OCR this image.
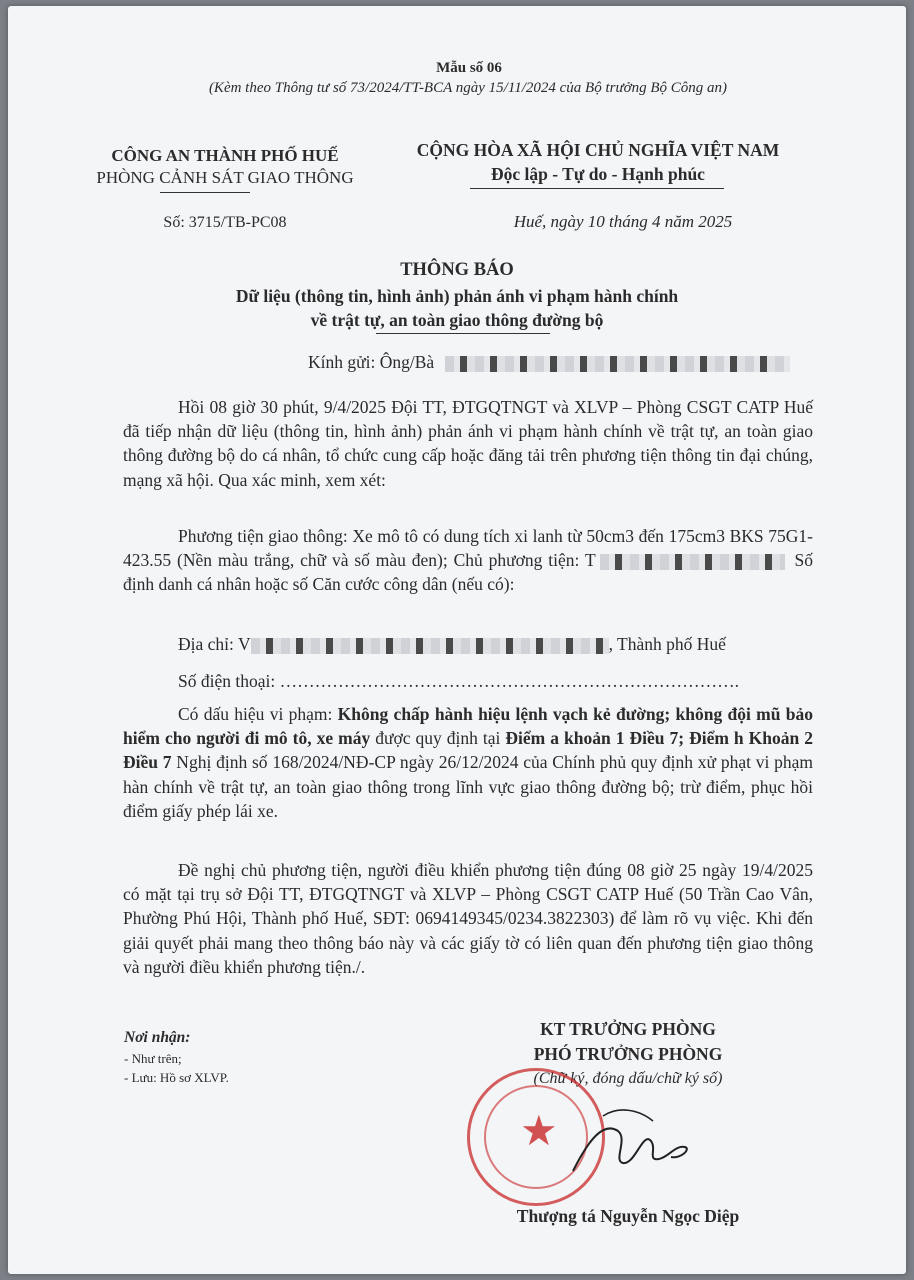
Mẫu số 06
(Kèm theo Thông tư số 73/2024/TT-BCA ngày 15/11/2024 của Bộ trưởng Bộ Công an)
CÔNG AN THÀNH PHỐ HUẾ
PHÒNG CẢNH SÁT GIAO THÔNG
Số: 3715/TB-PC08
CỘNG HÒA XÃ HỘI CHỦ NGHĨA VIỆT NAM
Độc lập - Tự do - Hạnh phúc
Huế, ngày 10 tháng 4 năm 2025
THÔNG BÁO
Dữ liệu (thông tin, hình ảnh) phản ánh vi phạm hành chính
về trật tự, an toàn giao thông đường bộ
Kính gửi: Ông/Bà

Hồi 08 giờ 30 phút, 9/4/2025 Đội TT, ĐTGQTNGT và XLVP – Phòng CSGT CATP Huế đã tiếp nhận dữ liệu (thông tin, hình ảnh) phản ánh vi phạm hành chính về trật tự, an toàn giao thông đường bộ do cá nhân, tổ chức cung cấp hoặc đăng tải trên phương tiện thông tin đại chúng, mạng xã hội. Qua xác minh, xem xét:

Phương tiện giao thông: Xe mô tô có dung tích xi lanh từ 50cm3 đến 175cm3 BKS 75G1-423.55 (Nền màu trắng, chữ và số màu đen); Chủ phương tiện: T	Số định danh cá nhân hoặc số Căn cước công dân (nếu có):

Địa chỉ: V	, Thành phố Huế

Số điện thoại: …………………………………………………………………….

Có dấu hiệu vi phạm: Không chấp hành hiệu lệnh vạch kẻ đường; không đội mũ bảo hiểm cho người đi mô tô, xe máy được quy định tại Điểm a khoản 1 Điều 7; Điểm h Khoản 2 Điều 7 Nghị định số 168/2024/NĐ-CP ngày 26/12/2024 của Chính phủ quy định xử phạt vi phạm hàn chính về trật tự, an toàn giao thông trong lĩnh vực giao thông đường bộ; trừ điểm, phục hồi điểm giấy phép lái xe.

Đề nghị chủ phương tiện, người điều khiển phương tiện đúng 08 giờ 25 ngày 19/4/2025 có mặt tại trụ sở Đội TT, ĐTGQTNGT và XLVP – Phòng CSGT CATP Huế (50 Trần Cao Vân, Phường Phú Hội, Thành phố Huế, SĐT: 0694149345/0234.3822303) để làm rõ vụ việc. Khi đến giải quyết phải mang theo thông báo này và các giấy tờ có liên quan đến phương tiện giao thông và người điều khiển phương tiện./.

Nơi nhận:
- Như trên;
- Lưu: Hồ sơ XLVP.
KT TRƯỞNG PHÒNG
PHÓ TRƯỞNG PHÒNG
(Chữ ký, đóng dấu/chữ ký số)
★
Thượng tá Nguyễn Ngọc Diệp
